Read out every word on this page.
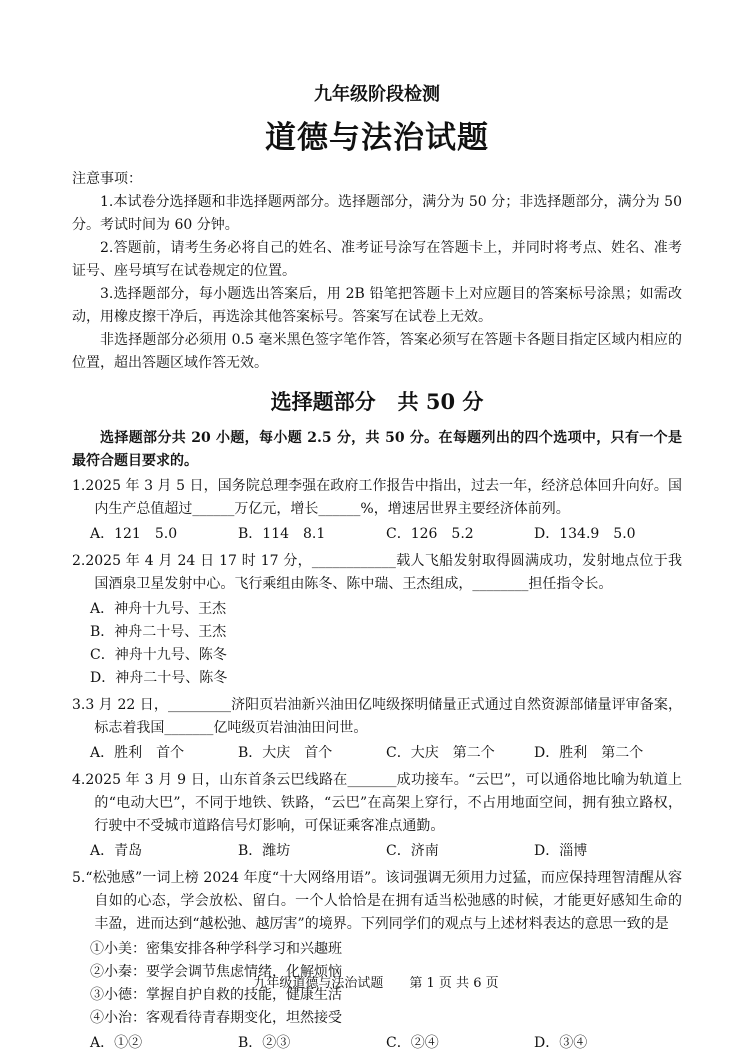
九年级阶段检测
道德与法治试题

注意事项：

1.本试卷分选择题和非选择题两部分。选择题部分，满分为 50 分；非选择题部分，满分为 50 分。考试时间为 60 分钟。

2.答题前，请考生务必将自己的姓名、准考证号涂写在答题卡上，并同时将考点、姓名、准考证号、座号填写在试卷规定的位置。

3.选择题部分，每小题选出答案后，用 2B 铅笔把答题卡上对应题目的答案标号涂黑；如需改动，用橡皮擦干净后，再选涂其他答案标号。答案写在试卷上无效。

非选择题部分必须用 0.5 毫米黑色签字笔作答，答案必须写在答题卡各题目指定区域内相应的位置，超出答题区域作答无效。

选择题部分   共 50 分

选择题部分共 20 小题，每小题 2.5 分，共 50 分。在每题列出的四个选项中，只有一个是最符合题目要求的。

1.2025 年 3 月 5 日，国务院总理李强在政府工作报告中指出，过去一年，经济总体回升向好。国内生产总值超过______万亿元，增长______%，增速居世界主要经济体前列。
A．121　5.0	B．114　8.1	C．126　5.2	D．134.9　5.0
2.2025 年 4 月 24 日 17 时 17 分，____________载人飞船发射取得圆满成功，发射地点位于我国酒泉卫星发射中心。飞行乘组由陈冬、陈中瑞、王杰组成，________担任指令长。
A．神舟十九号、王杰
B．神舟二十号、王杰
C．神舟十九号、陈冬
D．神舟二十号、陈冬
3.3 月 22 日，_________济阳页岩油新兴油田亿吨级探明储量正式通过自然资源部储量评审备案，标志着我国_______亿吨级页岩油油田问世。
A．胜利　首个	B．大庆　首个	C．大庆　第二个	D．胜利　第二个
4.2025 年 3 月 9 日，山东首条云巴线路在_______成功接车。“云巴”，可以通俗地比喻为轨道上的“电动大巴”，不同于地铁、铁路，“云巴”在高架上穿行，不占用地面空间，拥有独立路权，行驶中不受城市道路信号灯影响，可保证乘客准点通勤。
A．青岛	B．潍坊	C．济南	D．淄博
5.“松弛感”一词上榜 2024 年度“十大网络用语”。该词强调无须用力过猛，而应保持理智清醒从容自如的心态，学会放松、留白。一个人恰恰是在拥有适当松弛感的时候，才能更好感知生命的丰盈，进而达到“越松弛、越厉害”的境界。下列同学们的观点与上述材料表达的意思一致的是
①小美：密集安排各种学科学习和兴趣班
②小秦：要学会调节焦虑情绪，化解烦恼
③小德：掌握自护自救的技能，健康生活
④小治：客观看待青春期变化，坦然接受
A．①②	B．②③	C．②④	D．③④
九年级道德与法治试题　　第 1 页 共 6 页
